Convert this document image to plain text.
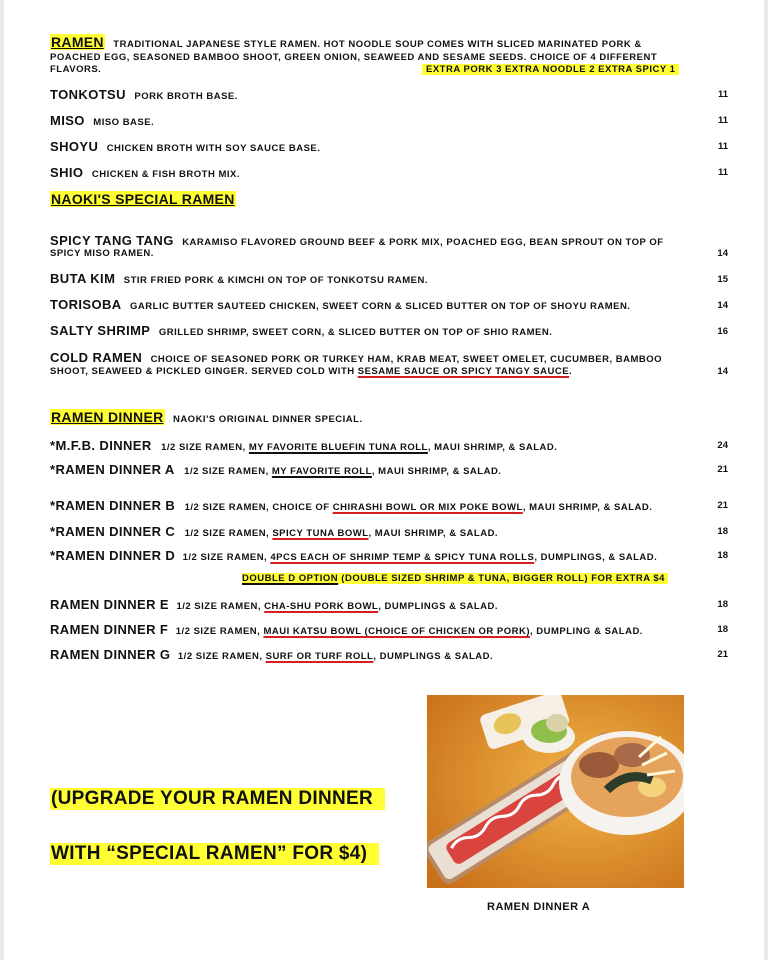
RAMEN TRADITIONAL JAPANESE STYLE RAMEN. HOT NOODLE SOUP COMES WITH SLICED MARINATED PORK &
POACHED EGG, SEASONED BAMBOO SHOOT, GREEN ONION, SEAWEED AND SESAME SEEDS. CHOICE OF 4 DIFFERENT
FLAVORS.	EXTRA PORK 3 EXTRA NOODLE 2 EXTRA SPICY 1
TONKOTSU PORK BROTH BASE.	11
MISO MISO BASE.	11
SHOYU CHICKEN BROTH WITH SOY SAUCE BASE.	11
SHIO CHICKEN & FISH BROTH MIX.	11
NAOKI'S SPECIAL RAMEN
SPICY TANG TANG KARAMISO FLAVORED GROUND BEEF & PORK MIX, POACHED EGG, BEAN SPROUT ON TOP OF
SPICY MISO RAMEN.	14
BUTA KIM STIR FRIED PORK & KIMCHI ON TOP OF TONKOTSU RAMEN.	15
TORISOBA GARLIC BUTTER SAUTEED CHICKEN, SWEET CORN & SLICED BUTTER ON TOP OF SHOYU RAMEN.	14
SALTY SHRIMP GRILLED SHRIMP, SWEET CORN, & SLICED BUTTER ON TOP OF SHIO RAMEN.	16
COLD RAMEN CHOICE OF SEASONED PORK OR TURKEY HAM, KRAB MEAT, SWEET OMELET, CUCUMBER, BAMBOO
SHOOT, SEAWEED & PICKLED GINGER. SERVED COLD WITH SESAME SAUCE OR SPICY TANGY SAUCE.	14
RAMEN DINNER NAOKI'S ORIGINAL DINNER SPECIAL.
*M.F.B. DINNER 1/2 SIZE RAMEN, MY FAVORITE BLUEFIN TUNA ROLL, MAUI SHRIMP, & SALAD.	24
*RAMEN DINNER A 1/2 SIZE RAMEN, MY FAVORITE ROLL, MAUI SHRIMP, & SALAD.	21
*RAMEN DINNER B 1/2 SIZE RAMEN, CHOICE OF CHIRASHI BOWL OR MIX POKE BOWL, MAUI SHRIMP, & SALAD.	21
*RAMEN DINNER C 1/2 SIZE RAMEN, SPICY TUNA BOWL, MAUI SHRIMP, & SALAD.	18
*RAMEN DINNER D 1/2 SIZE RAMEN, 4PCS EACH OF SHRIMP TEMP & SPICY TUNA ROLLS, DUMPLINGS, & SALAD.	18
DOUBLE D OPTION (DOUBLE SIZED SHRIMP & TUNA, BIGGER ROLL) FOR EXTRA $4
RAMEN DINNER E 1/2 SIZE RAMEN, CHA-SHU PORK BOWL, DUMPLINGS & SALAD.	18
RAMEN DINNER F 1/2 SIZE RAMEN, MAUI KATSU BOWL (CHOICE OF CHICKEN OR PORK), DUMPLING & SALAD.	18
RAMEN DINNER G 1/2 SIZE RAMEN, SURF OR TURF ROLL, DUMPLINGS & SALAD.	21
(UPGRADE YOUR RAMEN DINNER
WITH “SPECIAL RAMEN” FOR $4)
RAMEN DINNER A
